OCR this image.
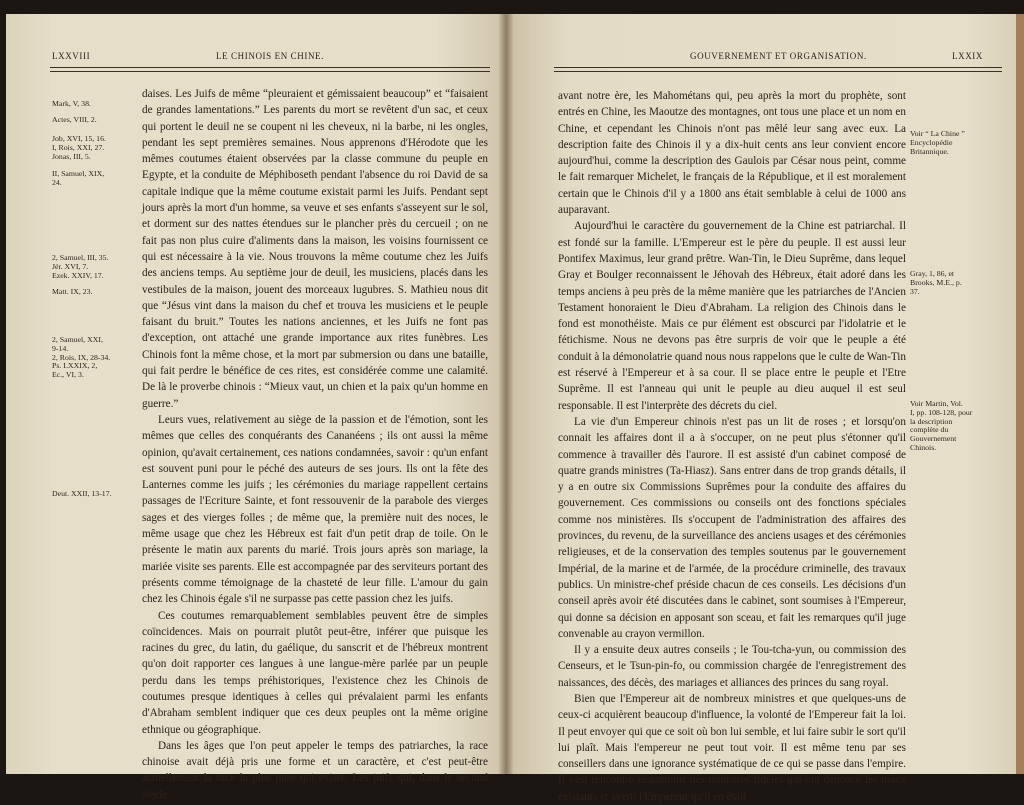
LXXVIII	LE CHINOIS EN CHINE.
Mark, V, 38.
Actes, VIII, 2.
Job, XVI, 15, 16.
I, Rois, XXI, 27.
Jonas, III, 5.
II, Samuel, XIX,
24.
2, Samuel, III, 35.
Jér. XVI, 7.
Ezek. XXIV, 17.
Matt. IX, 23.
2, Samuel, XXI,
9-14.
2, Rois, IX, 28-34.
Ps. LXXIX, 2,
Ec., VI, 3.
Deut. XXII, 13-17.

daises. Les Juifs de même “pleuraient et gémissaient beaucoup” et “faisaient de grandes lamentations.” Les parents du mort se revêtent d'un sac, et ceux qui portent le deuil ne se coupent ni les cheveux, ni la barbe, ni les ongles, pendant les sept premières semaines. Nous apprenons d'Hérodote que les mêmes coutumes étaient observées par la classe commune du peuple en Egypte, et la conduite de Méphiboseth pendant l'absence du roi David de sa capitale indique que la même coutume existait parmi les Juifs. Pendant sept jours après la mort d'un homme, sa veuve et ses enfants s'asseyent sur le sol, et dorment sur des nattes étendues sur le plancher près du cercueil ; on ne fait pas non plus cuire d'aliments dans la maison, les voisins fournissent ce qui est nécessaire à la vie. Nous trouvons la même coutume chez les Juifs des anciens temps. Au septième jour de deuil, les musiciens, placés dans les vestibules de la maison, jouent des morceaux lugubres. S. Mathieu nous dit que “Jésus vint dans la maison du chef et trouva les musiciens et le peuple faisant du bruit.” Toutes les nations anciennes, et les Juifs ne font pas d'exception, ont attaché une grande importance aux rites funèbres. Les Chinois font la même chose, et la mort par submersion ou dans une bataille, qui fait perdre le bénéfice de ces rites, est considérée comme une calamité. De là le proverbe chinois : “Mieux vaut, un chien et la paix qu'un homme en guerre.”

Leurs vues, relativement au siège de la passion et de l'émotion, sont les mêmes que celles des conquérants des Cananéens ; ils ont aussi la même opinion, qu'avait certainement, ces nations condamnées, savoir : qu'un enfant est souvent puni pour le péché des auteurs de ses jours. Ils ont la fête des Lanternes comme les juifs ; les cérémonies du mariage rappellent certains passages de l'Ecriture Sainte, et font ressouvenir de la parabole des vierges sages et des vierges folles ; de même que, la première nuit des noces, le même usage que chez les Hébreux est fait d'un petit drap de toile. On le présente le matin aux parents du marié. Trois jours après son mariage, la mariée visite ses parents. Elle est accompagnée par des serviteurs portant des présents comme témoignage de la chasteté de leur fille. L'amour du gain chez les Chinois égale s'il ne surpasse pas cette passion chez les juifs.

Ces coutumes remarquablement semblables peuvent être de simples coïncidences. Mais on pourrait plutôt peut-être, inférer que puisque les racines du grec, du latin, du gaélique, du sanscrit et de l'hébreux montrent qu'on doit rapporter ces langues à une langue-mère parlée par un peuple perdu dans les temps préhistoriques, l'existence chez les Chinois de coutumes presque identiques à celles qui prévalaient parmi les enfants d'Abraham semblent indiquer que ces deux peuples ont la même origine ethnique ou géographique.

Dans les âges que l'on peut appeler le temps des patriarches, la race chinoise avait déjà pris une forme et un caractère, et c'est peut-être actuellement la race la plus pure qui existe. Les juifs qui, dans le second siècle

GOUVERNEMENT ET ORGANISATION.	LXXIX

avant notre ère, les Mahométans qui, peu après la mort du prophète, sont entrés en Chine, les Maoutze des montagnes, ont tous une place et un nom en Chine, et cependant les Chinois n'ont pas mêlé leur sang avec eux. La description faite des Chinois il y a dix-huit cents ans leur convient encore aujourd'hui, comme la description des Gaulois par César nous peint, comme le fait remarquer Michelet, le français de la République, et il est moralement certain que le Chinois d'il y a 1800 ans était semblable à celui de 1000 ans auparavant.

Aujourd'hui le caractère du gouvernement de la Chine est patriarchal. Il est fondé sur la famille. L'Empereur est le père du peuple. Il est aussi leur Pontifex Maximus, leur grand prêtre. Wan-Tin, le Dieu Suprême, dans lequel Gray et Boulger reconnaissent le Jéhovah des Hébreux, était adoré dans les temps anciens à peu près de la même manière que les patriarches de l'Ancien Testament honoraient le Dieu d'Abraham. La religion des Chinois dans le fond est monothéiste. Mais ce pur élément est obscurci par l'idolatrie et le fétichisme. Nous ne devons pas être surpris de voir que le peuple a été conduit à la démonolatrie quand nous nous rappelons que le culte de Wan-Tin est réservé à l'Empereur et à sa cour. Il se place entre le peuple et l'Etre Suprême. Il est l'anneau qui unit le peuple au dieu auquel il est seul responsable. Il est l'interprète des décrets du ciel.

La vie d'un Empereur chinois n'est pas un lit de roses ; et lorsqu'on connait les affaires dont il a à s'occuper, on ne peut plus s'étonner qu'il commence à travailler dès l'aurore. Il est assisté d'un cabinet composé de quatre grands ministres (Ta-Hiasz). Sans entrer dans de trop grands détails, il y a en outre six Commissions Suprêmes pour la conduite des affaires du gouvernement. Ces commissions ou conseils ont des fonctions spéciales comme nos ministères. Ils s'occupent de l'administration des affaires des provinces, du revenu, de la surveillance des anciens usages et des cérémonies religieuses, et de la conservation des temples soutenus par le gouvernement Impérial, de la marine et de l'armée, de la procédure criminelle, des travaux publics. Un ministre-chef préside chacun de ces conseils. Les décisions d'un conseil après avoir été discutées dans le cabinet, sont soumises à l'Empereur, qui donne sa décision en apposant son sceau, et fait les remarques qu'il juge convenable au crayon vermillon.

Il y a ensuite deux autres conseils ; le Tou-tcha-yun, ou commission des Censeurs, et le Tsun-pin-fo, ou commission chargée de l'enregistrement des naissances, des décès, des mariages et alliances des princes du sang royal.

Bien que l'Empereur ait de nombreux ministres et que quelques-uns de ceux-ci acquièrent beaucoup d'influence, la volonté de l'Empereur fait la loi. Il peut envoyer qui que ce soit où bon lui semble, et lui faire subir le sort qu'il lui plaît. Mais l'empereur ne peut tout voir. Il est même tenu par ses conseillers dans une ignorance systématique de ce qui se passe dans l'empire. Il s'est rencontré néanmoins des ministres fidèles qui ont dénoncé les maux existants et averti l'Empereur qu'il en était

Voir “ La Chine ”
Encyclopédie
Britannique.
Gray, 1, 86, et
Brooks, M.E., p.
37.
Voir Martin, Vol.
I, pp. 108-128, pour
la description
complète du
Gouvernement
Chinois.
